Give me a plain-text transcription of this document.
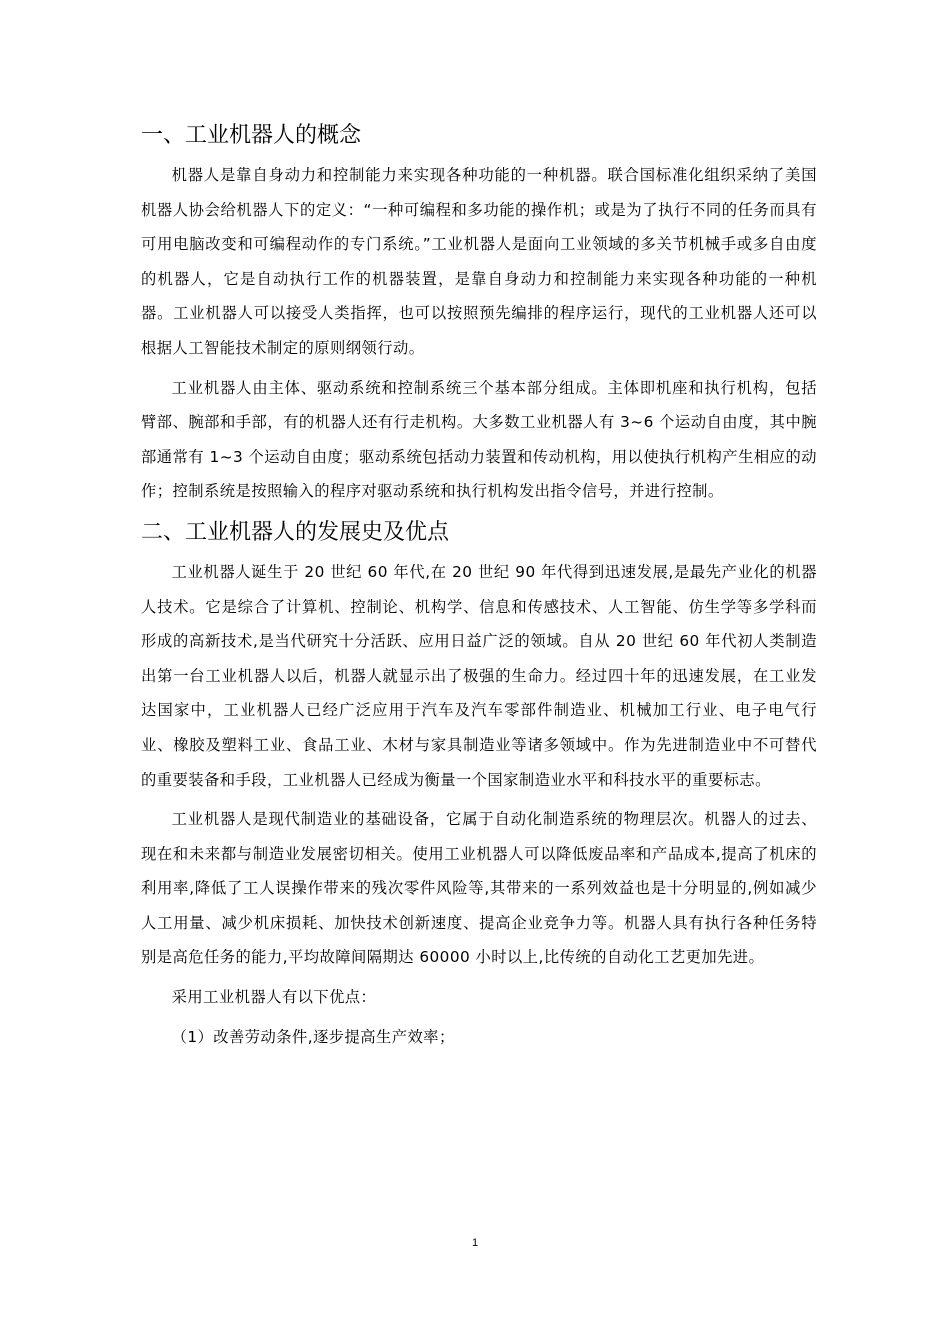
一、工业机器人的概念

机器人是靠自身动力和控制能力来实现各种功能的一种机器。联合国标准化组织采纳了美国机器人协会给机器人下的定义：“一种可编程和多功能的操作机；或是为了执行不同的任务而具有可用电脑改变和可编程动作的专门系统。”工业机器人是面向工业领域的多关节机械手或多自由度的机器人，它是自动执行工作的机器装置，是靠自身动力和控制能力来实现各种功能的一种机器。工业机器人可以接受人类指挥，也可以按照预先编排的程序运行，现代的工业机器人还可以根据人工智能技术制定的原则纲领行动。

工业机器人由主体、驱动系统和控制系统三个基本部分组成。主体即机座和执行机构，包括臂部、腕部和手部，有的机器人还有行走机构。大多数工业机器人有 3~6 个运动自由度，其中腕部通常有 1~3 个运动自由度；驱动系统包括动力装置和传动机构，用以使执行机构产生相应的动作；控制系统是按照输入的程序对驱动系统和执行机构发出指令信号，并进行控制。

二、工业机器人的发展史及优点

工业机器人诞生于 20 世纪 60 年代,在 20 世纪 90 年代得到迅速发展,是最先产业化的机器人技术。它是综合了计算机、控制论、机构学、信息和传感技术、人工智能、仿生学等多学科而形成的高新技术,是当代研究十分活跃、应用日益广泛的领域。自从 20 世纪 60 年代初人类制造出第一台工业机器人以后，机器人就显示出了极强的生命力。经过四十年的迅速发展，在工业发达国家中，工业机器人已经广泛应用于汽车及汽车零部件制造业、机械加工行业、电子电气行业、橡胶及塑料工业、食品工业、木材与家具制造业等诸多领域中。作为先进制造业中不可替代的重要装备和手段，工业机器人已经成为衡量一个国家制造业水平和科技水平的重要标志。

工业机器人是现代制造业的基础设备，它属于自动化制造系统的物理层次。机器人的过去、现在和未来都与制造业发展密切相关。使用工业机器人可以降低废品率和产品成本,提高了机床的利用率,降低了工人误操作带来的残次零件风险等,其带来的一系列效益也是十分明显的,例如减少人工用量、减少机床损耗、加快技术创新速度、提高企业竞争力等。机器人具有执行各种任务特别是高危任务的能力,平均故障间隔期达 60000 小时以上,比传统的自动化工艺更加先进。

采用工业机器人有以下优点：

（1）改善劳动条件,逐步提高生产效率；

1
